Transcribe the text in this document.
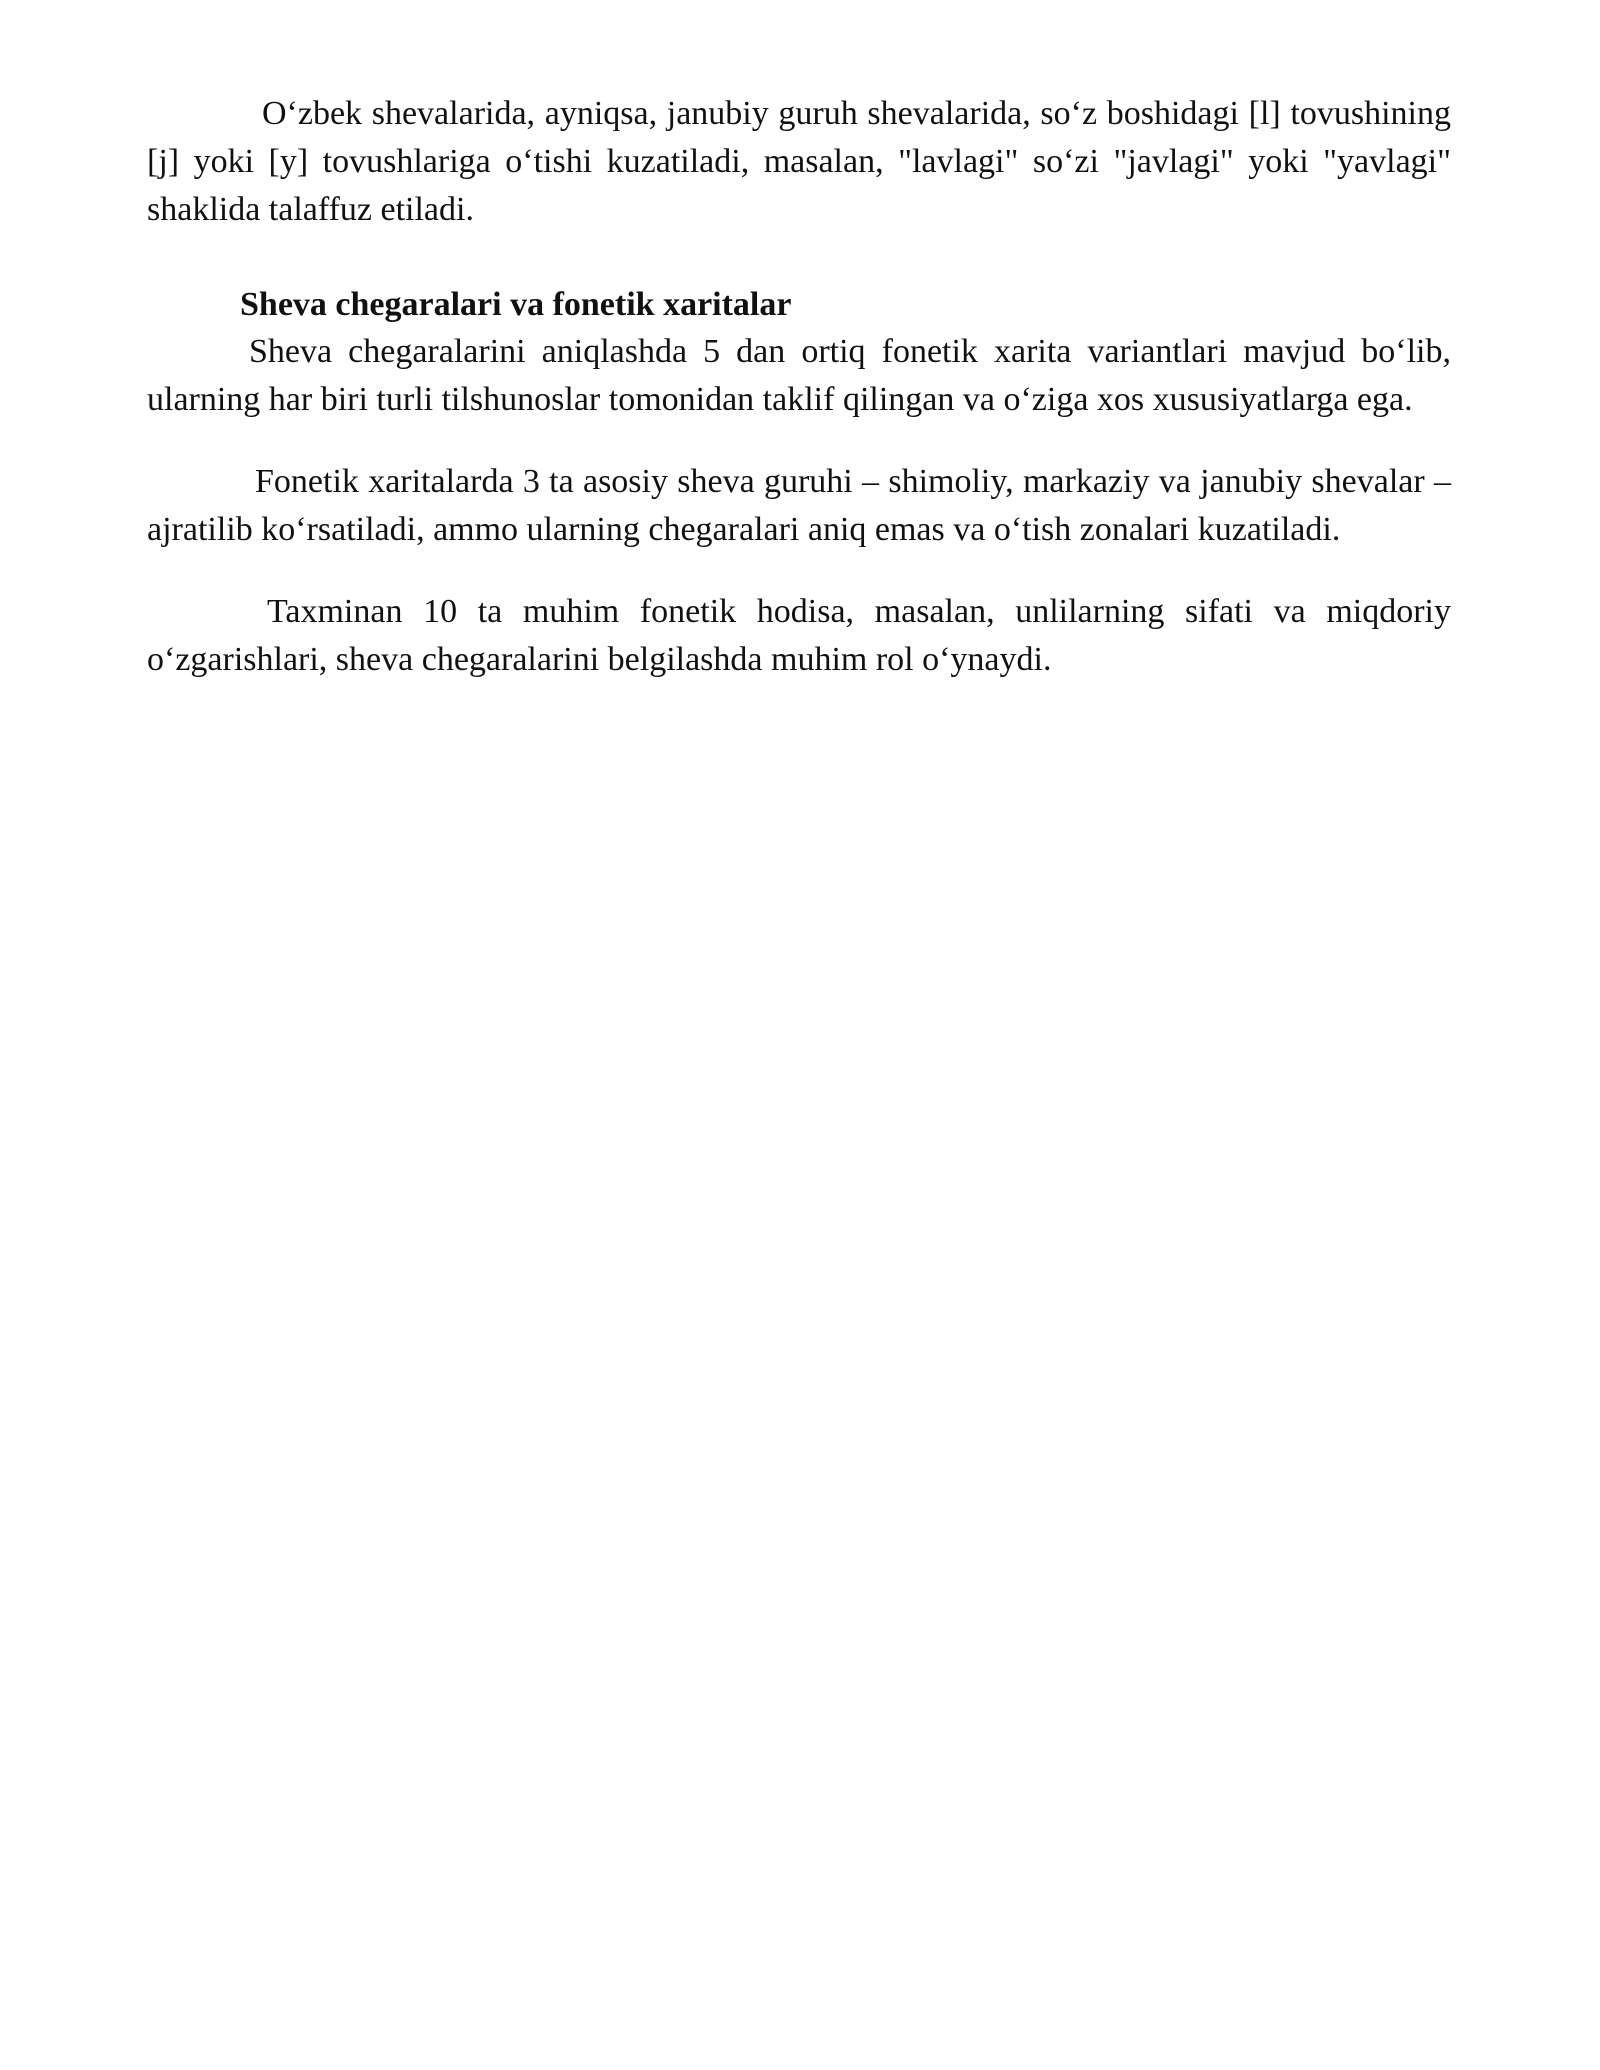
Oʻzbek shevalarida, ayniqsa, janubiy guruh shevalarida, soʻz boshidagi [l] tovushining [j] yoki [y] tovushlariga oʻtishi kuzatiladi, masalan, "lavlagi" soʻzi "javlagi" yoki "yavlagi" shaklida talaffuz etiladi.

Sheva chegaralari va fonetik xaritalar

Sheva chegaralarini aniqlashda 5 dan ortiq fonetik xarita variantlari mavjud boʻlib, ularning har biri turli tilshunoslar tomonidan taklif qilingan va oʻziga xos xususiyatlarga ega.

Fonetik xaritalarda 3 ta asosiy sheva guruhi – shimoliy, markaziy va janubiy shevalar – ajratilib koʻrsatiladi, ammo ularning chegaralari aniq emas va oʻtish zonalari kuzatiladi.

Taxminan 10 ta muhim fonetik hodisa, masalan, unlilarning sifati va miqdoriy oʻzgarishlari, sheva chegaralarini belgilashda muhim rol oʻynaydi.
